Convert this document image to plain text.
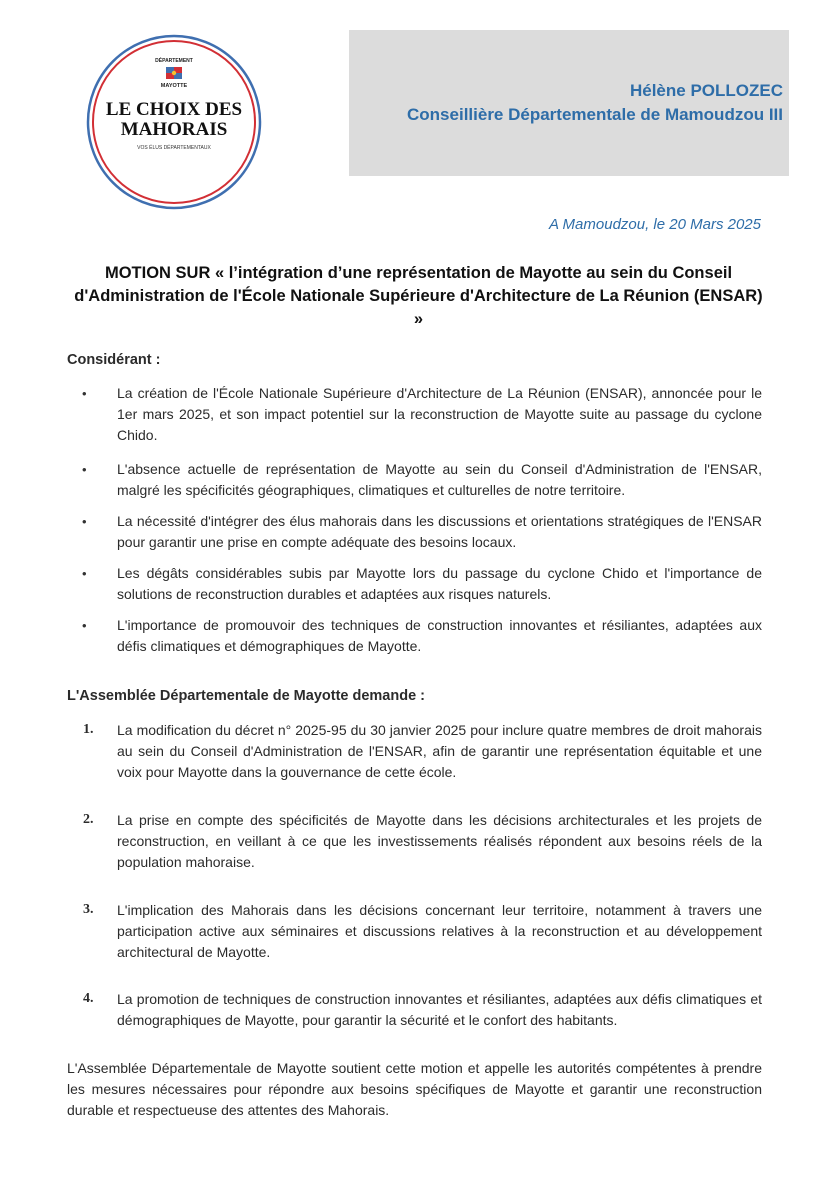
DÉPARTEMENT
MAYOTTE
LE CHOIX DES
MAHORAIS
VOS ÉLUS DÉPARTEMENTAUX
Hélène POLLOZEC
Conseillière Départementale de Mamoudzou III
A Mamoudzou, le 20 Mars 2025
MOTION SUR « l’intégration d’une représentation de Mayotte au sein du Conseil d'Administration de l'École Nationale Supérieure d'Architecture de La Réunion (ENSAR) »
Considérant :
• La création de l'École Nationale Supérieure d'Architecture de La Réunion (ENSAR), annoncée pour le 1er mars 2025, et son impact potentiel sur la reconstruction de Mayotte suite au passage du cyclone Chido.
• L'absence actuelle de représentation de Mayotte au sein du Conseil d'Administration de l'ENSAR, malgré les spécificités géographiques, climatiques et culturelles de notre territoire.
• La nécessité d'intégrer des élus mahorais dans les discussions et orientations stratégiques de l'ENSAR pour garantir une prise en compte adéquate des besoins locaux.
• Les dégâts considérables subis par Mayotte lors du passage du cyclone Chido et l'importance de solutions de reconstruction durables et adaptées aux risques naturels.
• L'importance de promouvoir des techniques de construction innovantes et résiliantes, adaptées aux défis climatiques et démographiques de Mayotte.
L'Assemblée Départementale de Mayotte demande :
1. La modification du décret n° 2025-95 du 30 janvier 2025 pour inclure quatre membres de droit mahorais au sein du Conseil d'Administration de l'ENSAR, afin de garantir une représentation équitable et une voix pour Mayotte dans la gouvernance de cette école.
2. La prise en compte des spécificités de Mayotte dans les décisions architecturales et les projets de reconstruction, en veillant à ce que les investissements réalisés répondent aux besoins réels de la population mahoraise.
3. L'implication des Mahorais dans les décisions concernant leur territoire, notamment à travers une participation active aux séminaires et discussions relatives à la reconstruction et au développement architectural de Mayotte.
4. La promotion de techniques de construction innovantes et résiliantes, adaptées aux défis climatiques et démographiques de Mayotte, pour garantir la sécurité et le confort des habitants.
L'Assemblée Départementale de Mayotte soutient cette motion et appelle les autorités compétentes à prendre les mesures nécessaires pour répondre aux besoins spécifiques de Mayotte et garantir une reconstruction durable et respectueuse des attentes des Mahorais.
